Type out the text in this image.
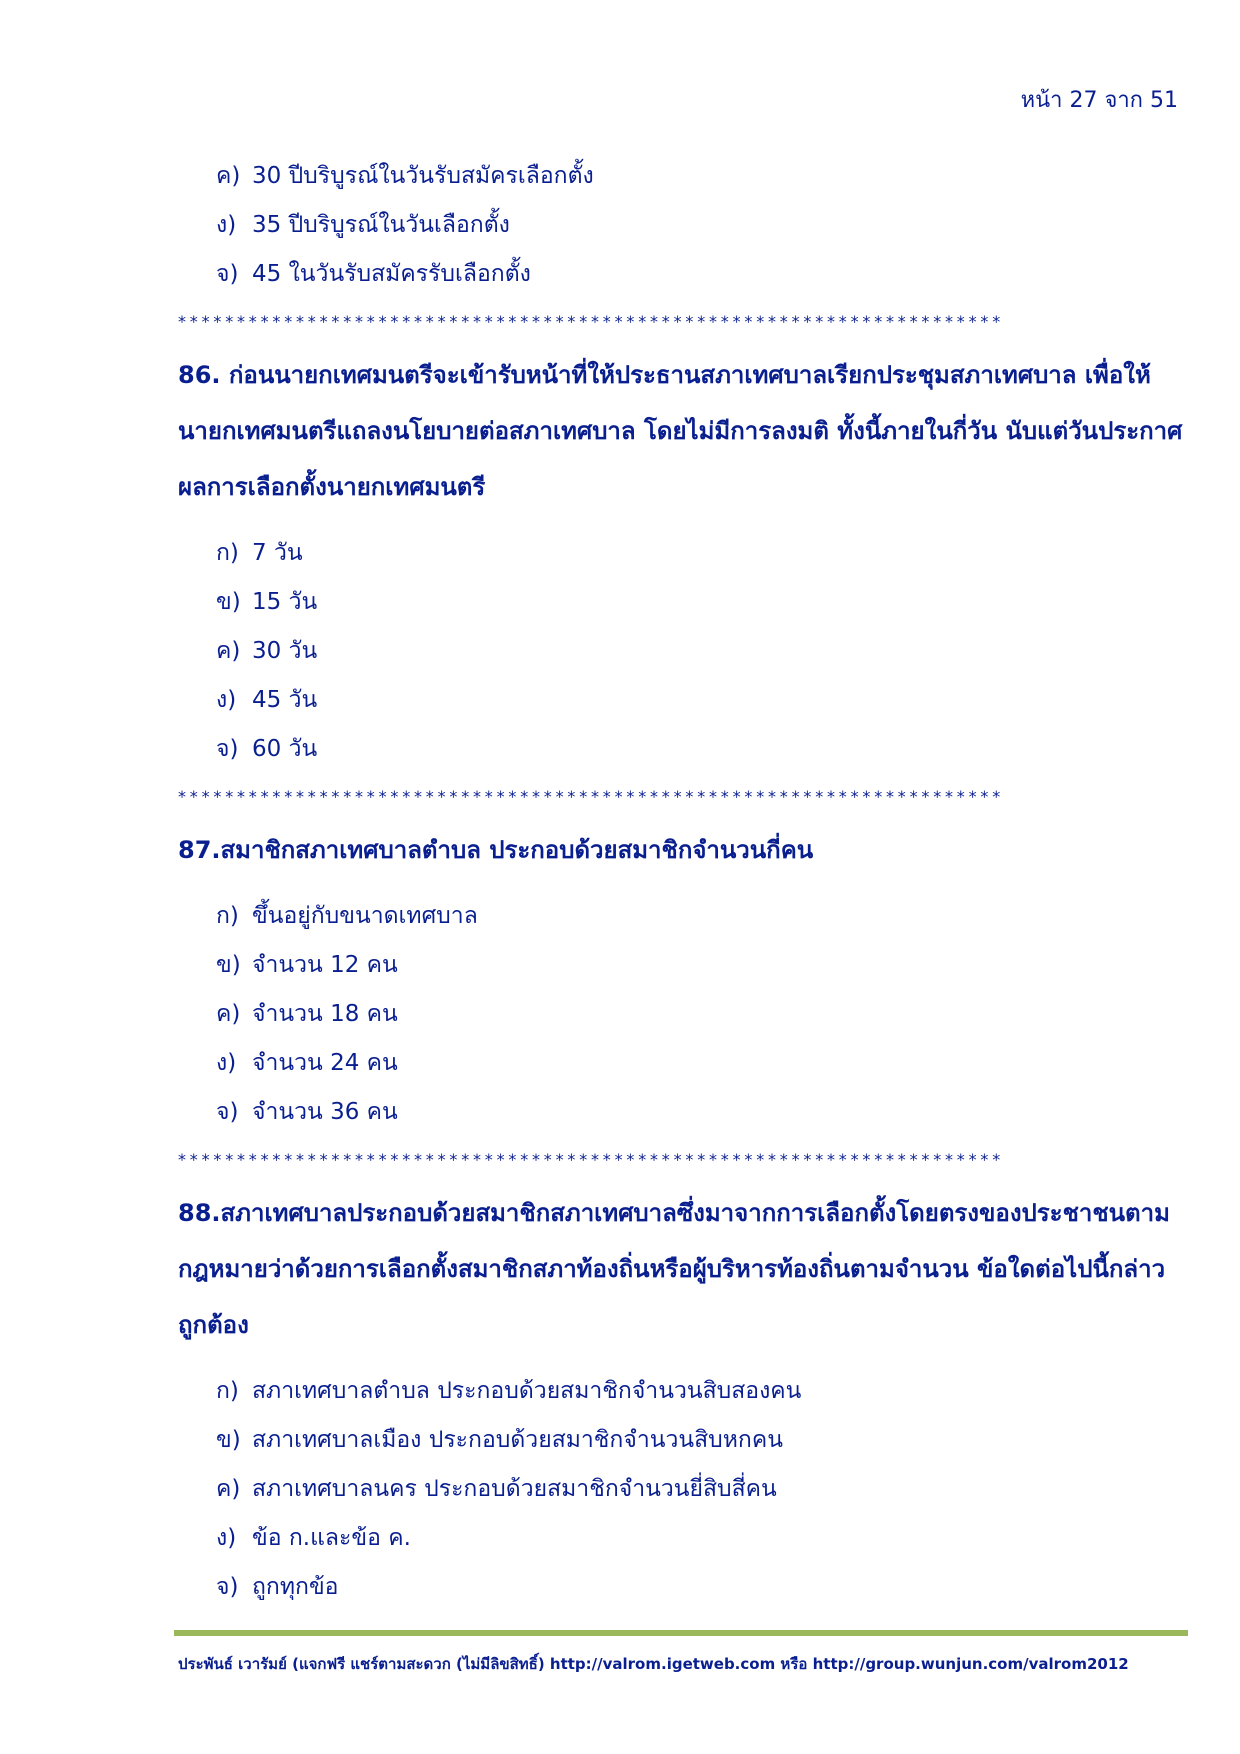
หน้า 27 จาก 51
ค) 30 ปีบริบูรณ์ในวันรับสมัครเลือกตั้ง
ง) 35 ปีบริบูรณ์ในวันเลือกตั้ง
จ) 45 ในวันรับสมัครรับเลือกตั้ง
**********************************************************************

86. ก่อนนายกเทศมนตรีจะเข้ารับหน้าที่ให้ประธานสภาเทศบาลเรียกประชุมสภาเทศบาล เพื่อให้นายกเทศมนตรีแถลงนโยบายต่อสภาเทศบาล โดยไม่มีการลงมติ ทั้งนี้ภายในกี่วัน นับแต่วันประกาศผลการเลือกตั้งนายกเทศมนตรี

ก) 7 วัน
ข) 15 วัน
ค) 30 วัน
ง) 45 วัน
จ) 60 วัน
**********************************************************************

87.สมาชิกสภาเทศบาลตำบล ประกอบด้วยสมาชิกจำนวนกี่คน

ก) ขึ้นอยู่กับขนาดเทศบาล
ข) จำนวน 12 คน
ค) จำนวน 18 คน
ง) จำนวน 24 คน
จ) จำนวน 36 คน
**********************************************************************

88.สภาเทศบาลประกอบด้วยสมาชิกสภาเทศบาลซึ่งมาจากการเลือกตั้งโดยตรงของประชาชนตามกฎหมายว่าด้วยการเลือกตั้งสมาชิกสภาท้องถิ่นหรือผู้บริหารท้องถิ่นตามจำนวน ข้อใดต่อไปนี้กล่าวถูกต้อง

ก) สภาเทศบาลตำบล ประกอบด้วยสมาชิกจำนวนสิบสองคน
ข) สภาเทศบาลเมือง ประกอบด้วยสมาชิกจำนวนสิบหกคน
ค) สภาเทศบาลนคร ประกอบด้วยสมาชิกจำนวนยี่สิบสี่คน
ง) ข้อ ก.และข้อ ค.
จ) ถูกทุกข้อ
ประพันธ์ เวารัมย์ (แจกฟรี แชร์ตามสะดวก (ไม่มีลิขสิทธิ์) http://valrom.igetweb.com หรือ http://group.wunjun.com/valrom2012
